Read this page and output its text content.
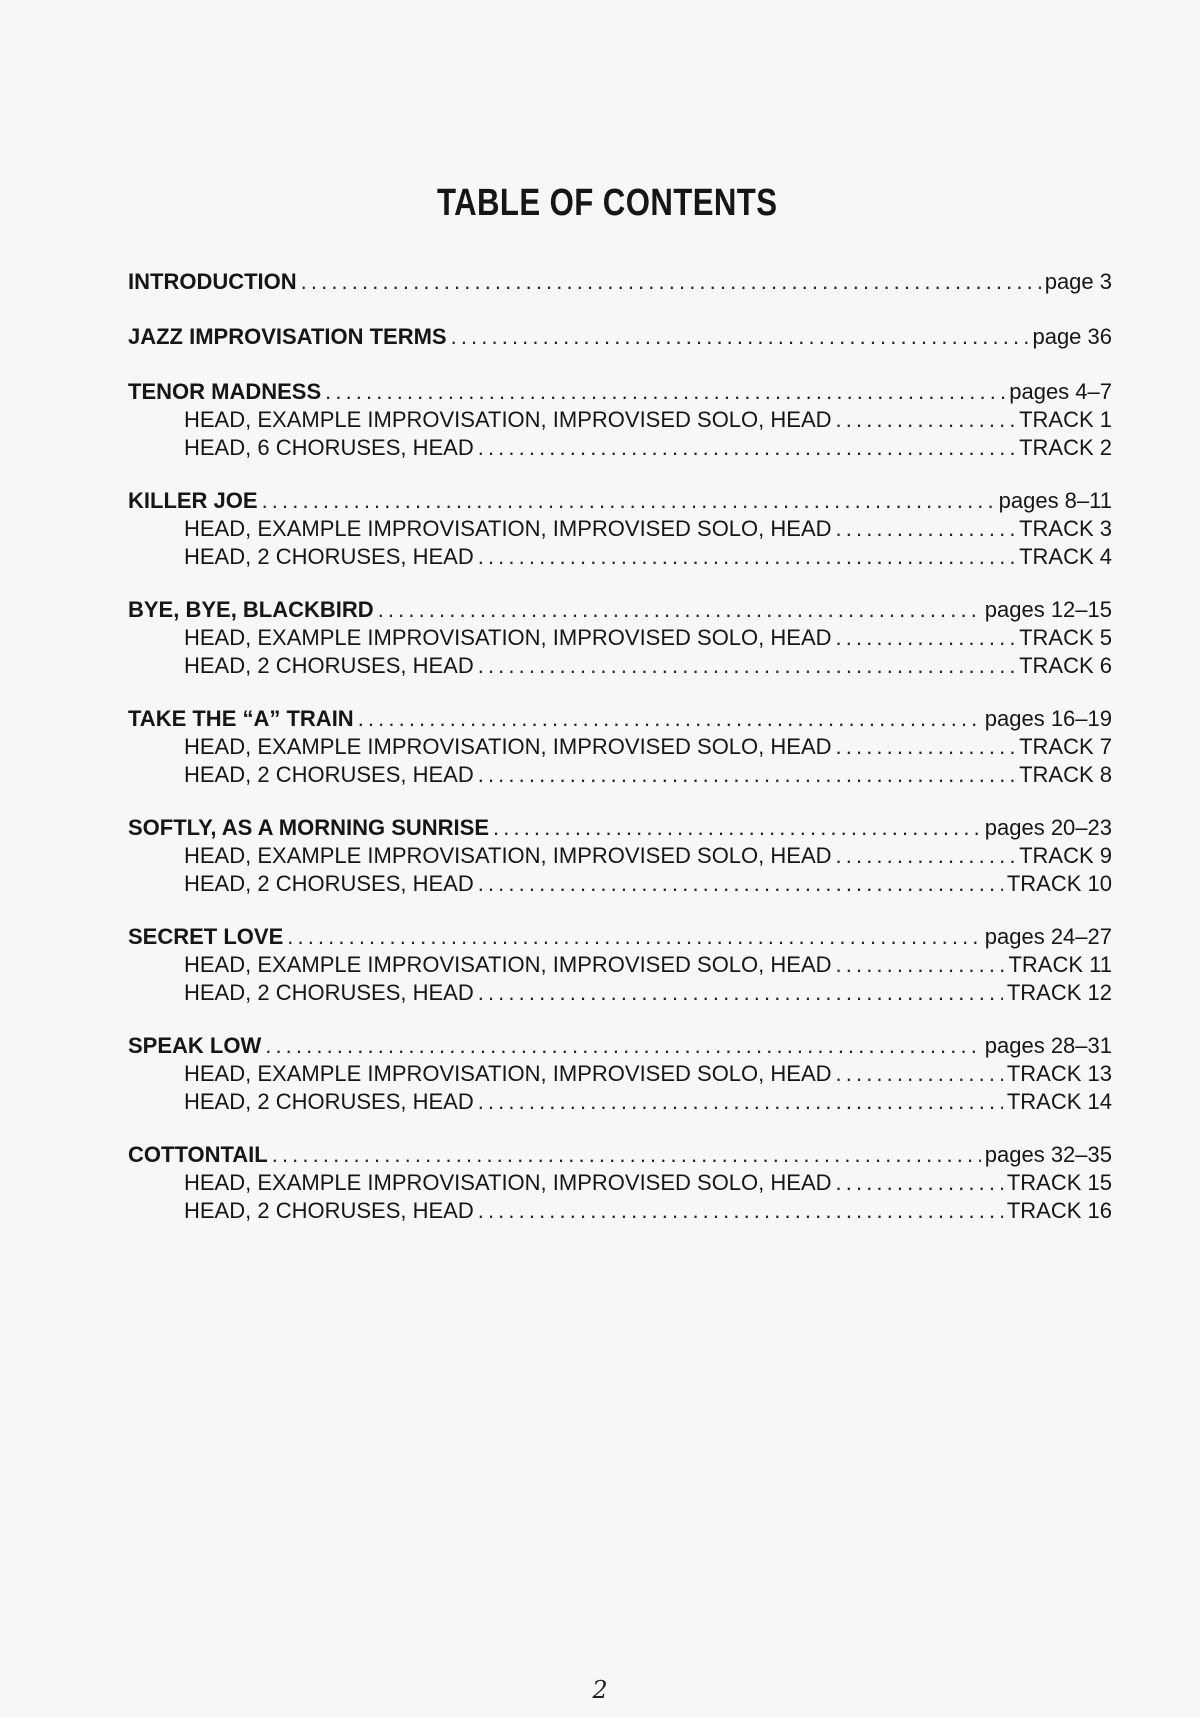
TABLE OF CONTENTS
INTRODUCTION . . .	page 3
JAZZ IMPROVISATION TERMS . . .	page 36
TENOR MADNESS . . .	pages 4–7
HEAD, EXAMPLE IMPROVISATION, IMPROVISED SOLO, HEAD . . .	TRACK 1
HEAD, 6 CHORUSES, HEAD . . .	TRACK 2
KILLER JOE . . .	pages 8–11
HEAD, EXAMPLE IMPROVISATION, IMPROVISED SOLO, HEAD . . .	TRACK 3
HEAD, 2 CHORUSES, HEAD . . .	TRACK 4
BYE, BYE, BLACKBIRD . . .	pages 12–15
HEAD, EXAMPLE IMPROVISATION, IMPROVISED SOLO, HEAD . . .	TRACK 5
HEAD, 2 CHORUSES, HEAD . . .	TRACK 6
TAKE THE “A” TRAIN . . .	pages 16–19
HEAD, EXAMPLE IMPROVISATION, IMPROVISED SOLO, HEAD . . .	TRACK 7
HEAD, 2 CHORUSES, HEAD . . .	TRACK 8
SOFTLY, AS A MORNING SUNRISE . . .	pages 20–23
HEAD, EXAMPLE IMPROVISATION, IMPROVISED SOLO, HEAD . . .	TRACK 9
HEAD, 2 CHORUSES, HEAD . . .	TRACK 10
SECRET LOVE . . .	pages 24–27
HEAD, EXAMPLE IMPROVISATION, IMPROVISED SOLO, HEAD . . .	TRACK 11
HEAD, 2 CHORUSES, HEAD . . .	TRACK 12
SPEAK LOW . . .	pages 28–31
HEAD, EXAMPLE IMPROVISATION, IMPROVISED SOLO, HEAD . . .	TRACK 13
HEAD, 2 CHORUSES, HEAD . . .	TRACK 14
COTTONTAIL . . .	pages 32–35
HEAD, EXAMPLE IMPROVISATION, IMPROVISED SOLO, HEAD . . .	TRACK 15
HEAD, 2 CHORUSES, HEAD . . .	TRACK 16
2
